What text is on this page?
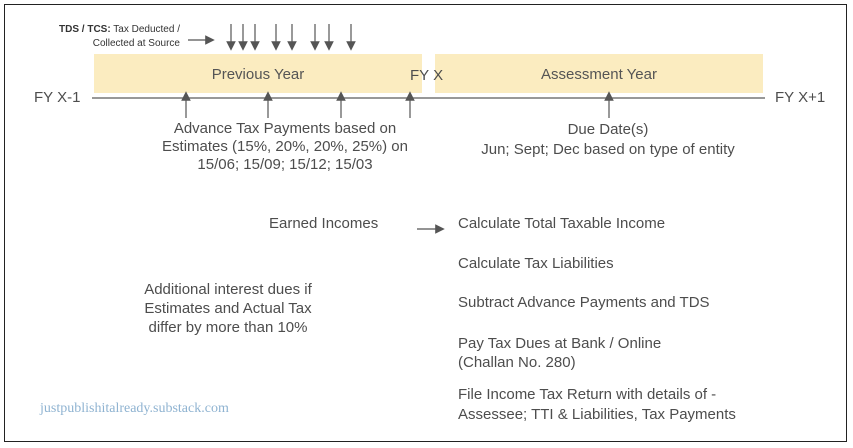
TDS / TCS: Tax Deducted /
Collected at Source
FY X-1
FY X
FY X+1
Previous Year	Assessment Year
Advance Tax Payments based on
Estimates (15%, 20%, 20%, 25%) on
15/06; 15/09; 15/12; 15/03
Due Date(s)
Jun; Sept; Dec based on type of entity
Earned Incomes
Additional interest dues if
Estimates and Actual Tax
differ by more than 10%
Calculate Total Taxable Income
Calculate Tax Liabilities
Subtract Advance Payments and TDS
Pay Tax Dues at Bank / Online
(Challan No. 280)
File Income Tax Return with details of -
Assessee; TTI & Liabilities, Tax Payments
justpublishitalready.substack.com
